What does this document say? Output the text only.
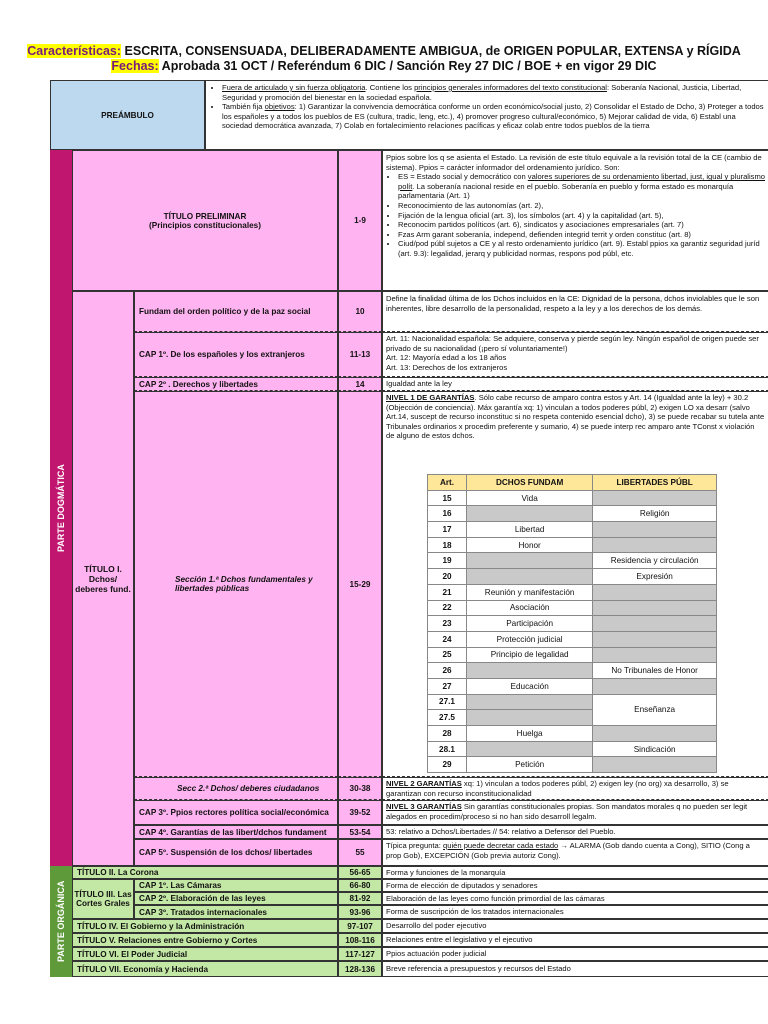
Características: ESCRITA, CONSENSUADA, DELIBERADAMENTE AMBIGUA, de ORIGEN POPULAR, EXTENSA y RÍGIDA
Fechas: Aprobada 31 OCT / Referéndum 6 DIC / Sanción Rey 27 DIC / BOE + en vigor 29 DIC
PREÁMBULO
• Fuera de articulado y sin fuerza obligatoria. Contiene los principios generales informadores del texto constitucional: Soberanía Nacional, Justicia, Libertad, Seguridad y promoción del bienestar en la sociedad española.
• También fija objetivos: 1) Garantizar la convivencia democrática conforme un orden económico/social justo, 2) Consolidar el Estado de Dcho, 3) Proteger a todos los españoles y a todos los pueblos de ES (cultura, tradic, leng, etc.), 4) promover progreso cultural/económico, 5) Mejorar calidad de vida, 6) Establ una sociedad democrática avanzada, 7) Colab en fortalecimiento relaciones pacíficas y eficaz colab entre todos pueblos de la tierra
PARTE DOGMÁTICA
PARTE ORGÁNICA
TÍTULO PRELIMINAR
(Principios constitucionales)	1-9
Ppios sobre los q se asienta el Estado. La revisión de este título equivale a la revisión total de la CE (cambio de sistema). Ppios = carácter informador del ordenamiento jurídico. Son:
• ES = Estado social y democrático con valores superiores de su ordenamiento libertad, just, igual y pluralismo polít. La soberanía nacional reside en el pueblo. Soberanía en pueblo y forma estado es monarquía parlamentaria (Art. 1)
• Reconocimiento de las autonomías (art. 2),
• Fijación de la lengua oficial (art. 3), los símbolos (art. 4) y la capitalidad (art. 5),
• Reconocim partidos políticos (art. 6), sindicatos y asociaciones empresariales (art. 7)
• Fzas Arm garant soberanía, independ, defienden integrid territ y orden constituc (art. 8)
• Ciud/pod públ sujetos a CE y al resto ordenamiento jurídico (art. 9). Establ ppios xa garantiz seguridad juríd (art. 9.3): legalidad, jerarq y publicidad normas, respons pod públ, etc.
TÍTULO I. Dchos/ deberes fund.
Fundam del orden político y de la paz social	10
Define la finalidad última de los Dchos incluidos en la CE: Dignidad de la persona, dchos inviolables que le son inherentes, libre desarrollo de la personalidad, respeto a la ley y a los derechos de los demás.
CAP 1º. De los españoles y los extranjeros	11-13
Art. 11: Nacionalidad española: Se adquiere, conserva y pierde según ley. Ningún español de origen puede ser privado de su nacionalidad (¡pero sí voluntariamente!)
Art. 12: Mayoría edad a los 18 años
Art. 13: Derechos de los extranjeros
CAP 2º . Derechos y libertades	14	Igualdad ante la ley
Sección 1.ª Dchos fundamentales y libertades públicas	15-29
NIVEL 1 DE GARANTÍAS. Sólo cabe recurso de amparo contra estos y Art. 14 (Igualdad ante la ley) + 30.2 (Objección de conciencia). Máx garantía xq: 1) vinculan a todos poderes públ, 2) exigen LO xa desarr (salvo Art.14, suscept de recurso inconstituc si no respeta contenido esencial dcho), 3) se puede recabar su tutela ante Tribunales ordinarios x procedim preferente y sumario, 4) se puede interp rec amparo ante TConst x violación de alguno de estos dchos.
Art.	DCHOS FUNDAM	LIBERTADES PÚBL
15	Vida	
16		Religión
17	Libertad	
18	Honor	
19		Residencia y circulación
20		Expresión
21	Reunión y manifestación	
22	Asociación	
23	Participación	
24	Protección judicial	
25	Principio de legalidad	
26		No Tribunales de Honor
27	Educación	
27.1		Enseñanza
27.5		
28	Huelga	
28.1		Sindicación
29	Petición	
Secc 2.ª Dchos/ deberes ciudadanos	30-38
NIVEL 2 GARANTÍAS xq: 1) vinculan a todos poderes públ, 2) exigen ley (no org) xa desarrollo, 3) se garantizan con recurso inconstitucionalidad
CAP 3º. Ppios rectores política social/económica	39-52
NIVEL 3 GARANTÍAS Sin garantías constitucionales propias. Son mandatos morales q no pueden ser legit alegados en procedim/proceso si no han sido desarroll legalm.
CAP 4º. Garantías de las libert/dchos fundament	53-54	53: relativo a Dchos/Libertades // 54: relativo a Defensor del Pueblo.
CAP 5º. Suspensión de los dchos/ libertades	55
Típica pregunta: quién puede decretar cada estado → ALARMA (Gob dando cuenta a Cong), SITIO (Cong a prop Gob), EXCEPCIÓN (Gob previa autoriz Cong).
TÍTULO II. La Corona	56-65	Forma y funciones de la monarquía
TÍTULO III. Las Cortes Grales
CAP 1º. Las Cámaras	66-80	Forma de elección de diputados y senadores
CAP 2º. Elaboración de las leyes	81-92	Elaboración de las leyes como función primordial de las cámaras
CAP 3º. Tratados internacionales	93-96	Forma de suscripción de los tratados internacionales
TÍTULO IV. El Gobierno y la Administración	97-107	Desarrollo del poder ejecutivo
TÍTULO V. Relaciones entre Gobierno y Cortes	108-116	Relaciones entre el legislativo y el ejecutivo
TÍTULO VI. El Poder Judicial	117-127	Ppios actuación poder judicial
TÍTULO VII. Economía y Hacienda	128-136	Breve referencia a presupuestos y recursos del Estado
